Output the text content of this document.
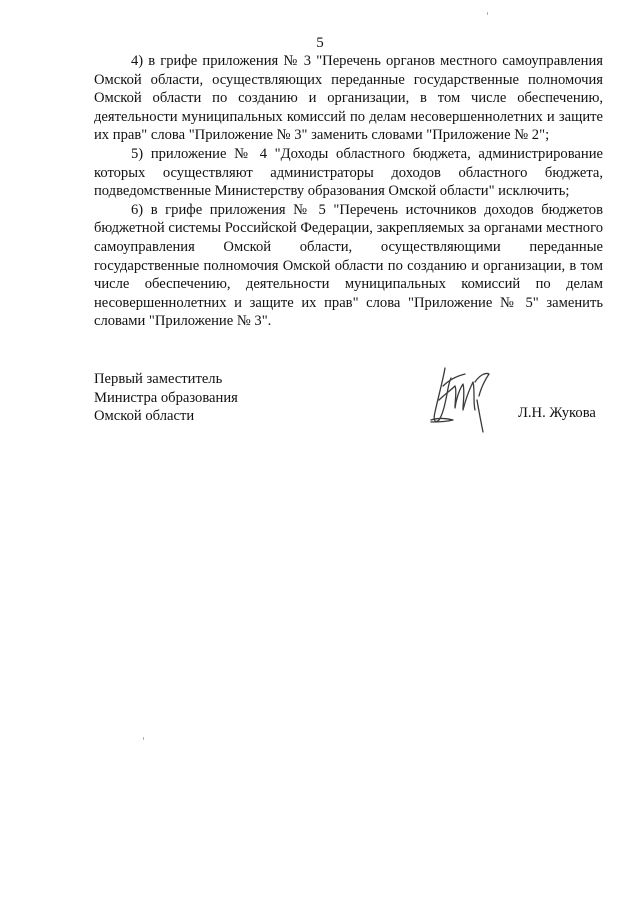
5

4) в грифе приложения № 3 "Перечень органов местного самоуправления Омской области, осуществляющих переданные государственные полномочия Омской области по созданию и организации, в том числе обеспечению, деятельности муниципальных комиссий по делам несовершеннолетних и защите их прав" слова "Приложение № 3" заменить словами "Приложение № 2";

5) приложение № 4 "Доходы областного бюджета, администрирование которых осуществляют администраторы доходов областного бюджета, подведомственные Министерству образования Омской области" исключить;

6) в грифе приложения № 5 "Перечень источников доходов бюджетов бюджетной системы Российской Федерации, закрепляемых за органами местного самоуправления Омской области, осуществляющими переданные государственные полномочия Омской области по созданию и организации, в том числе обеспечению, деятельности муниципальных комиссий по делам несовершеннолетних и защите их прав" слова "Приложение № 5" заменить словами "Приложение № 3".

Первый заместитель
Министра образования
Омской области	Л.Н. Жукова
